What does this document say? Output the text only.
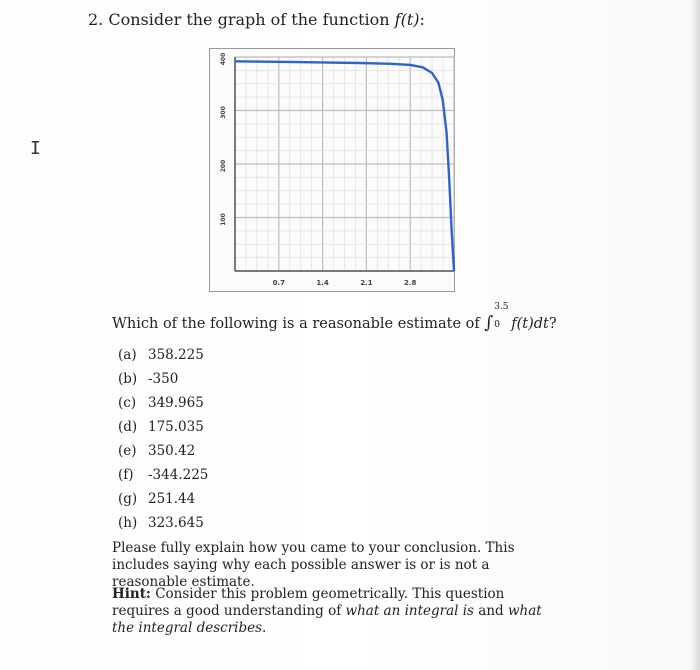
I
2. Consider the graph of the function f(t):
0.7	1.4	2.1	2.8
100
200
300
400
Which of the following is a reasonable estimate of ∫
3.5
0 f(t)dt?
(a) 358.225
(b) -350
(c) 349.965
(d) 175.035
(e) 350.42
(f) -344.225
(g) 251.44
(h) 323.645
Please fully explain how you came to your conclusion. This includes saying why each possible answer is or is not a reasonable estimate.
Hint: Consider this problem geometrically. This question requires a good understanding of what an integral is and what the integral describes.
